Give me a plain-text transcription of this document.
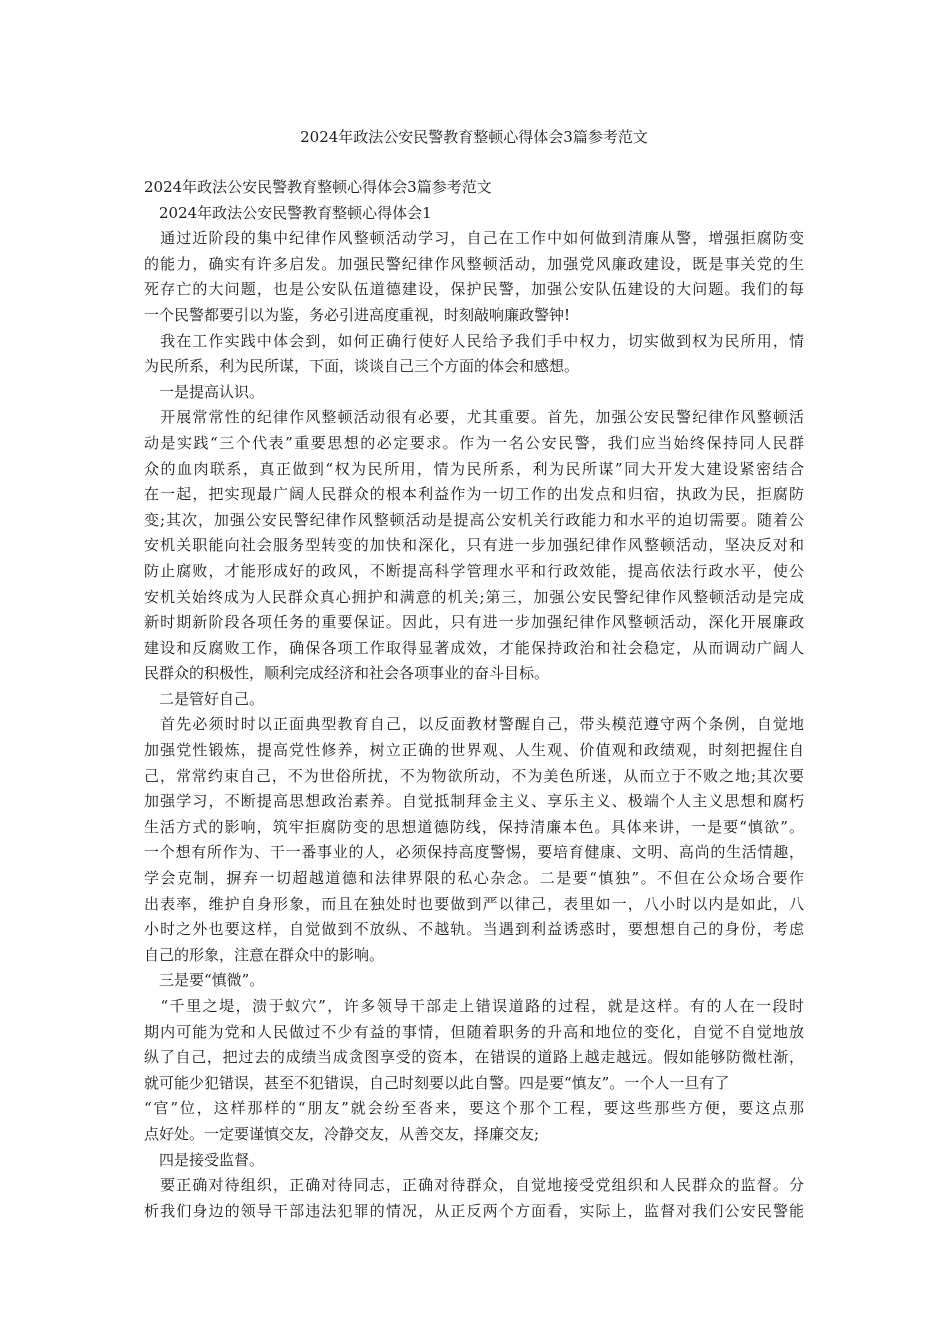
2024年政法公安民警教育整顿心得体会3篇参考范文

2024年政法公安民警教育整顿心得体会3篇参考范文

　2024年政法公安民警教育整顿心得体会1

　通过近阶段的集中纪律作风整顿活动学习，自己在工作中如何做到清廉从警，增强拒腐防变

的能力，确实有许多启发。加强民警纪律作风整顿活动，加强党风廉政建设，既是事关党的生

死存亡的大问题，也是公安队伍道德建设，保护民警，加强公安队伍建设的大问题。我们的每

一个民警都要引以为鉴，务必引进高度重视，时刻敲响廉政警钟!

　我在工作实践中体会到，如何正确行使好人民给予我们手中权力，切实做到权为民所用，情

为民所系，利为民所谋，下面，谈谈自己三个方面的体会和感想。

　一是提高认识。

　开展常常性的纪律作风整顿活动很有必要，尤其重要。首先，加强公安民警纪律作风整顿活

动是实践“三个代表”重要思想的必定要求。作为一名公安民警，我们应当始终保持同人民群

众的血肉联系，真正做到“权为民所用，情为民所系，利为民所谋”同大开发大建设紧密结合

在一起，把实现最广阔人民群众的根本利益作为一切工作的出发点和归宿，执政为民，拒腐防

变;其次，加强公安民警纪律作风整顿活动是提高公安机关行政能力和水平的迫切需要。随着公

安机关职能向社会服务型转变的加快和深化，只有进一步加强纪律作风整顿活动，坚决反对和

防止腐败，才能形成好的政风，不断提高科学管理水平和行政效能，提高依法行政水平，使公

安机关始终成为人民群众真心拥护和满意的机关;第三，加强公安民警纪律作风整顿活动是完成

新时期新阶段各项任务的重要保证。因此，只有进一步加强纪律作风整顿活动，深化开展廉政

建设和反腐败工作，确保各项工作取得显著成效，才能保持政治和社会稳定，从而调动广阔人

民群众的积极性，顺利完成经济和社会各项事业的奋斗目标。

　二是管好自己。

　首先必须时时以正面典型教育自己，以反面教材警醒自己，带头模范遵守两个条例，自觉地

加强党性锻炼，提高党性修养，树立正确的世界观、人生观、价值观和政绩观，时刻把握住自

己，常常约束自己，不为世俗所扰，不为物欲所动，不为美色所迷，从而立于不败之地;其次要

加强学习，不断提高思想政治素养。自觉抵制拜金主义、享乐主义、极端个人主义思想和腐朽

生活方式的影响，筑牢拒腐防变的思想道德防线，保持清廉本色。具体来讲，一是要“慎欲”。

一个想有所作为、干一番事业的人，必须保持高度警惕，要培育健康、文明、高尚的生活情趣，

学会克制，摒弃一切超越道德和法律界限的私心杂念。二是要“慎独”。不但在公众场合要作

出表率，维护自身形象，而且在独处时也要做到严以律己，表里如一，八小时以内是如此，八

小时之外也要这样，自觉做到不放纵、不越轨。当遇到利益诱惑时，要想想自己的身份，考虑

自己的形象，注意在群众中的影响。

　三是要“慎微”。

　“千里之堤，溃于蚁穴”，许多领导干部走上错误道路的过程，就是这样。有的人在一段时

期内可能为党和人民做过不少有益的事情，但随着职务的升高和地位的变化，自觉不自觉地放

纵了自己，把过去的成绩当成贪图享受的资本，在错误的道路上越走越远。假如能够防微杜渐，

就可能少犯错误，甚至不犯错误，自己时刻要以此自警。四是要“慎友”。一个人一旦有了

“官”位，这样那样的“朋友”就会纷至沓来，要这个那个工程，要这些那些方便，要这点那

点好处。一定要谨慎交友，冷静交友，从善交友，择廉交友;

　四是接受监督。

　要正确对待组织，正确对待同志，正确对待群众，自觉地接受党组织和人民群众的监督。分

析我们身边的领导干部违法犯罪的情况，从正反两个方面看，实际上，监督对我们公安民警能
